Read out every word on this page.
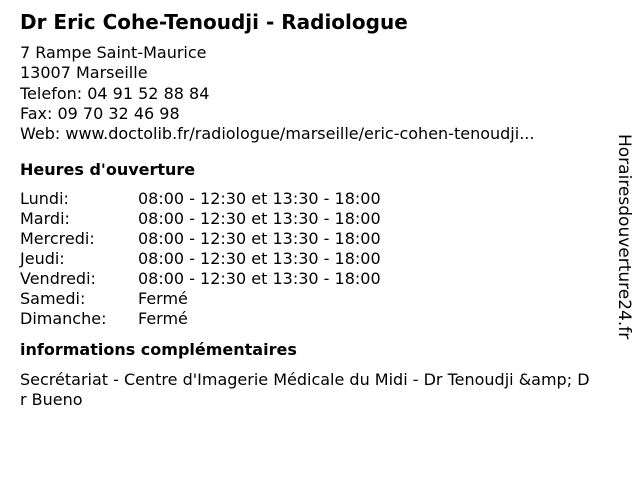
Dr Eric Cohe-Tenoudji - Radiologue
7 Rampe Saint-Maurice
13007 Marseille
Telefon: 04 91 52 88 84
Fax: 09 70 32 46 98
Web: www.doctolib.fr/radiologue/marseille/eric-cohen-tenoudji...
Heures d'ouverture
Lundi:	08:00 - 12:30 et 13:30 - 18:00
Mardi:	08:00 - 12:30 et 13:30 - 18:00
Mercredi:	08:00 - 12:30 et 13:30 - 18:00
Jeudi:	08:00 - 12:30 et 13:30 - 18:00
Vendredi:	08:00 - 12:30 et 13:30 - 18:00
Samedi:	Fermé
Dimanche:	Fermé
informations complémentaires
Secrétariat - Centre d'Imagerie Médicale du Midi - Dr Tenoudji &amp; Dr Bueno
Horairesdouverture24.fr
